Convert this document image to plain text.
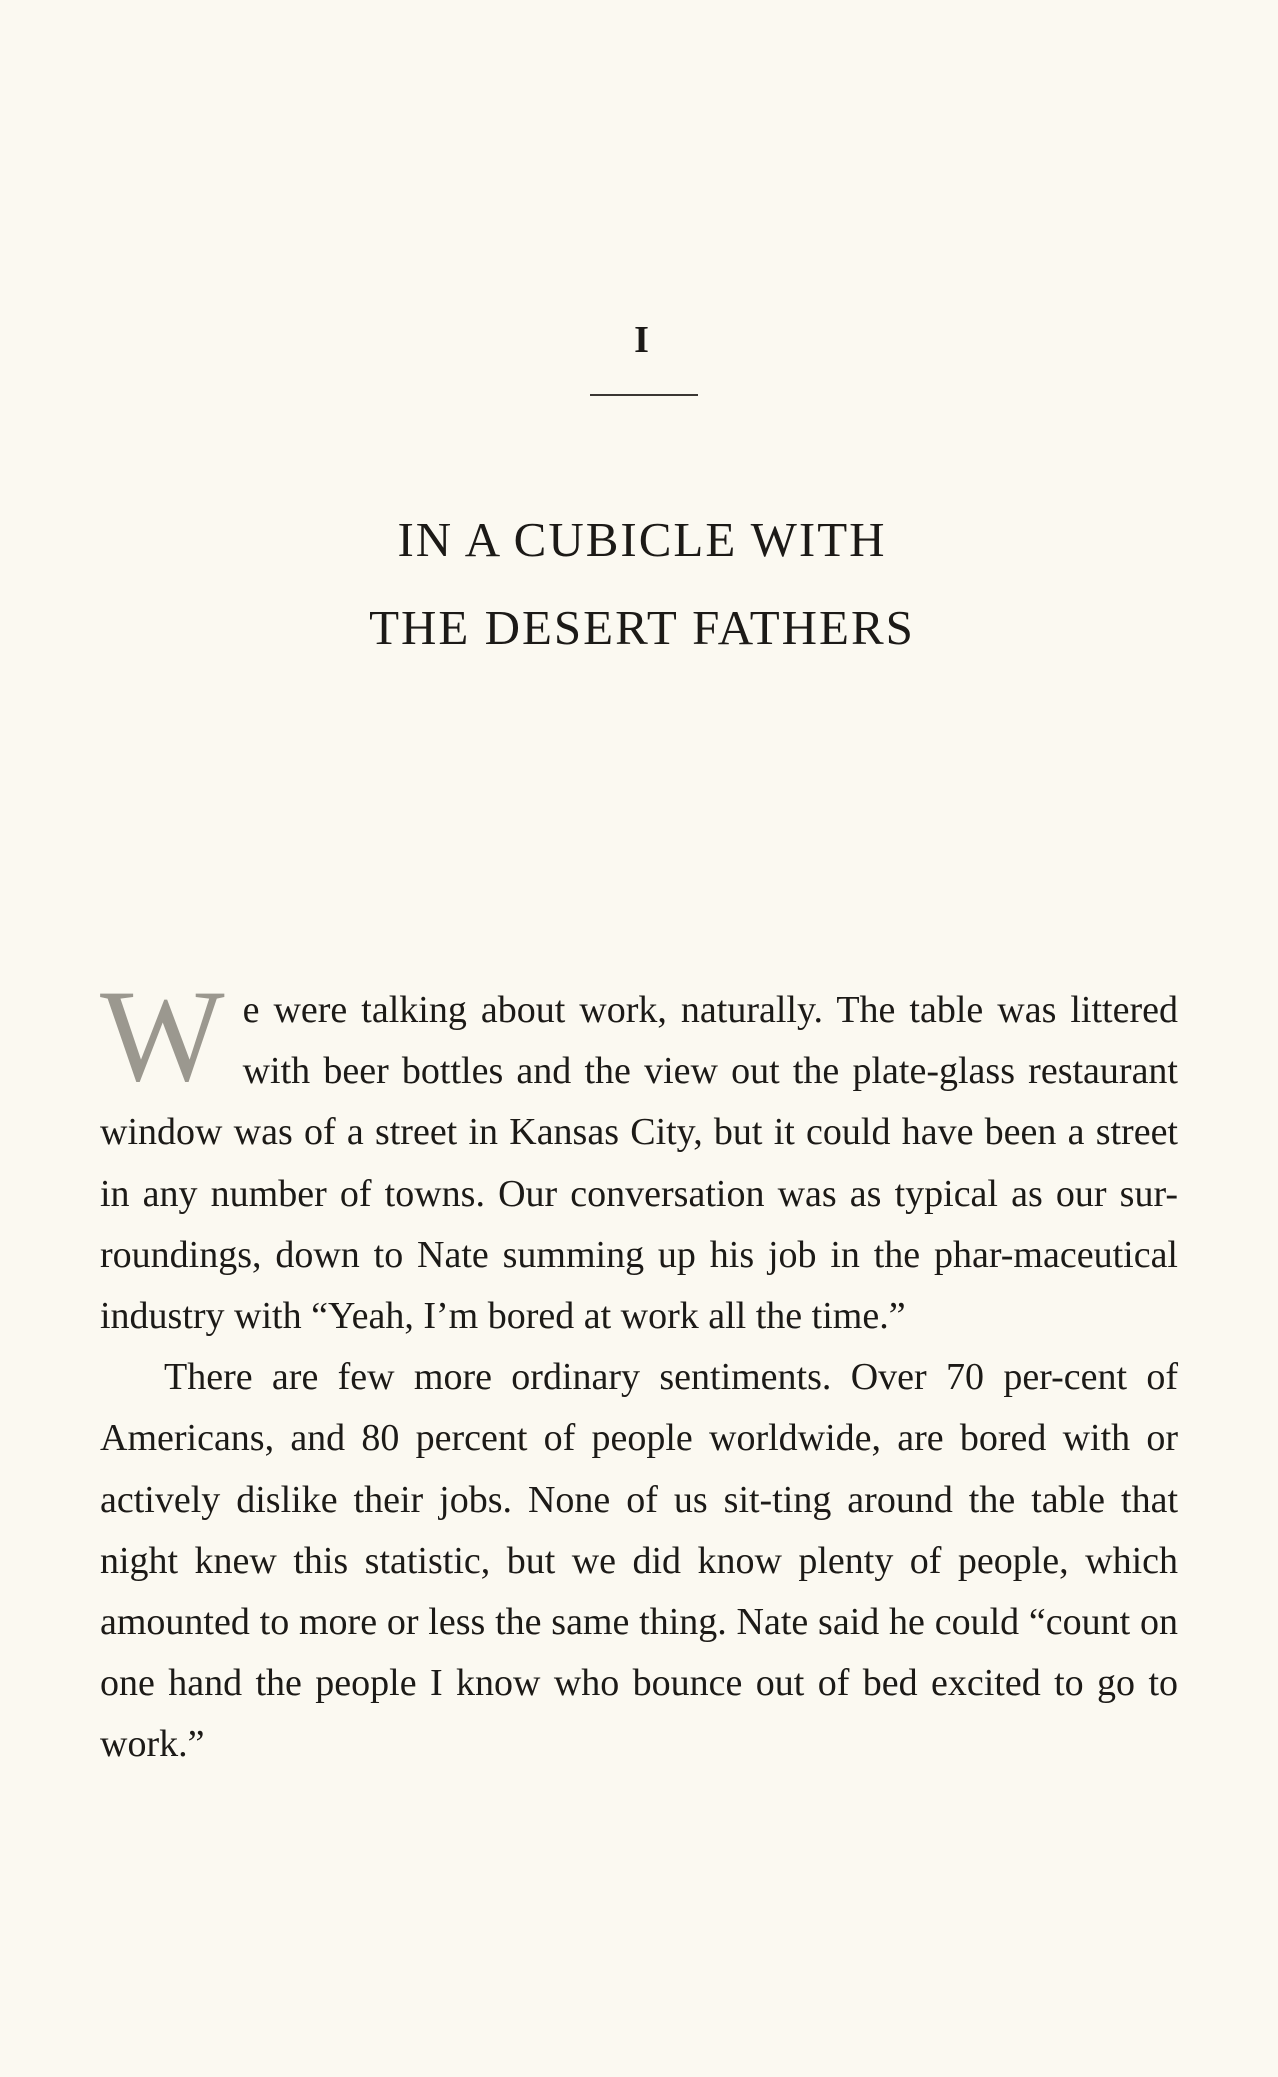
I
IN A CUBICLE WITH
THE DESERT FATHERS

We were talking about work, naturally. The table was littered with beer bottles and the view out the plate-glass restaurant window was of a street in Kansas City, but it could have been a street in any number of towns. Our conversation was as typical as our sur-roundings, down to Nate summing up his job in the phar-maceutical industry with “Yeah, I’m bored at work all the time.”

There are few more ordinary sentiments. Over 70 per-cent of Americans, and 80 percent of people worldwide, are bored with or actively dislike their jobs. None of us sit-ting around the table that night knew this statistic, but we did know plenty of people, which amounted to more or less the same thing. Nate said he could “count on one hand the people I know who bounce out of bed excited to go to work.”
